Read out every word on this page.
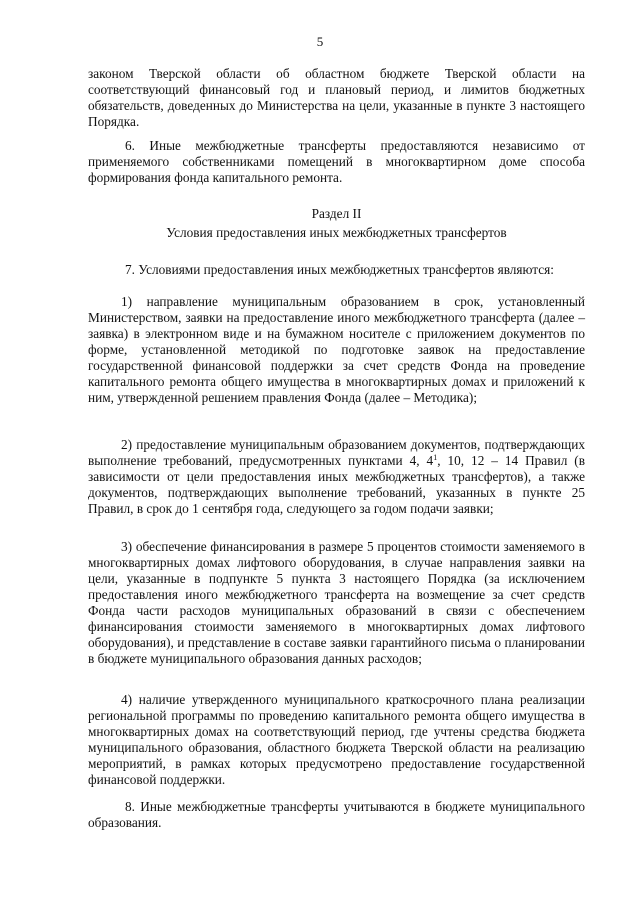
5

законом Тверской области об областном бюджете Тверской области на соответствующий финансовый год и плановый период, и лимитов бюджетных обязательств, доведенных до Министерства на цели, указанные в пункте 3 настоящего Порядка.

6. Иные межбюджетные трансферты предоставляются независимо от применяемого собственниками помещений в многоквартирном доме способа формирования фонда капитального ремонта.

Раздел II

Условия предоставления иных межбюджетных трансфертов

7. Условиями предоставления иных межбюджетных трансфертов являются:

1) направление муниципальным образованием в срок, установленный Министерством, заявки на предоставление иного межбюджетного трансферта (далее – заявка) в электронном виде и на бумажном носителе с приложением документов по форме, установленной методикой по подготовке заявок на предоставление государственной финансовой поддержки за счет средств Фонда на проведение капитального ремонта общего имущества в многоквартирных домах и приложений к ним, утвержденной решением правления Фонда (далее – Методика);

2) предоставление муниципальным образованием документов, подтверждающих выполнение требований, предусмотренных пунктами 4, $4^1$, 10, 12 – 14 Правил (в зависимости от цели предоставления иных межбюджетных трансфертов), а также документов, подтверждающих выполнение требований, указанных в пункте 25 Правил, в срок до 1 сентября года, следующего за годом подачи заявки;

3) обеспечение финансирования в размере 5 процентов стоимости заменяемого в многоквартирных домах лифтового оборудования, в случае направления заявки на цели, указанные в подпункте 5 пункта 3 настоящего Порядка (за исключением предоставления иного межбюджетного трансферта на возмещение за счет средств Фонда части расходов муниципальных образований в связи с обеспечением финансирования стоимости заменяемого в многоквартирных домах лифтового оборудования), и представление в составе заявки гарантийного письма о планировании в бюджете муниципального образования данных расходов;

4) наличие утвержденного муниципального краткосрочного плана реализации региональной программы по проведению капитального ремонта общего имущества в многоквартирных домах на соответствующий период, где учтены средства бюджета муниципального образования, областного бюджета Тверской области на реализацию мероприятий, в рамках которых предусмотрено предоставление государственной финансовой поддержки.

8. Иные межбюджетные трансферты учитываются в бюджете муниципального образования.
